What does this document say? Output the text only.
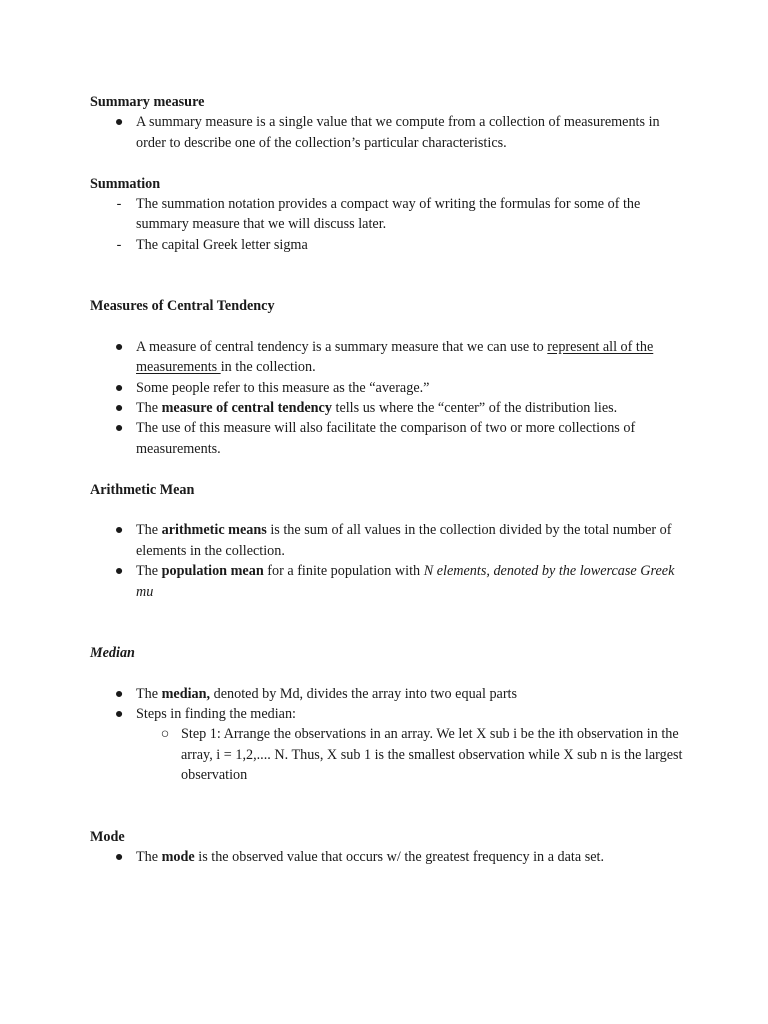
Summary measure

● A summary measure is a single value that we compute from a collection of measurements in order to describe one of the collection’s particular characteristics.

Summation

-	The summation notation provides a compact way of writing the formulas for some of the summary measure that we will discuss later.
-	The capital Greek letter sigma

Measures of Central Tendency

● A measure of central tendency is a summary measure that we can use to represent all of the measurements in the collection.
● Some people refer to this measure as the “average.”
● The measure of central tendency tells us where the “center” of the distribution lies.
● The use of this measure will also facilitate the comparison of two or more collections of measurements.

Arithmetic Mean

● The arithmetic means is the sum of all values in the collection divided by the total number of elements in the collection.
● The population mean for a finite population with N elements, denoted by the lowercase Greek mu

Median

● The median, denoted by Md, divides the array into two equal parts
● Steps in finding the median:
○ Step 1: Arrange the observations in an array. We let X sub i be the ith observation in the array, i = 1,2,.... N. Thus, X sub 1 is the smallest observation while X sub n is the largest observation

Mode

● The mode is the observed value that occurs w/ the greatest frequency in a data set.
